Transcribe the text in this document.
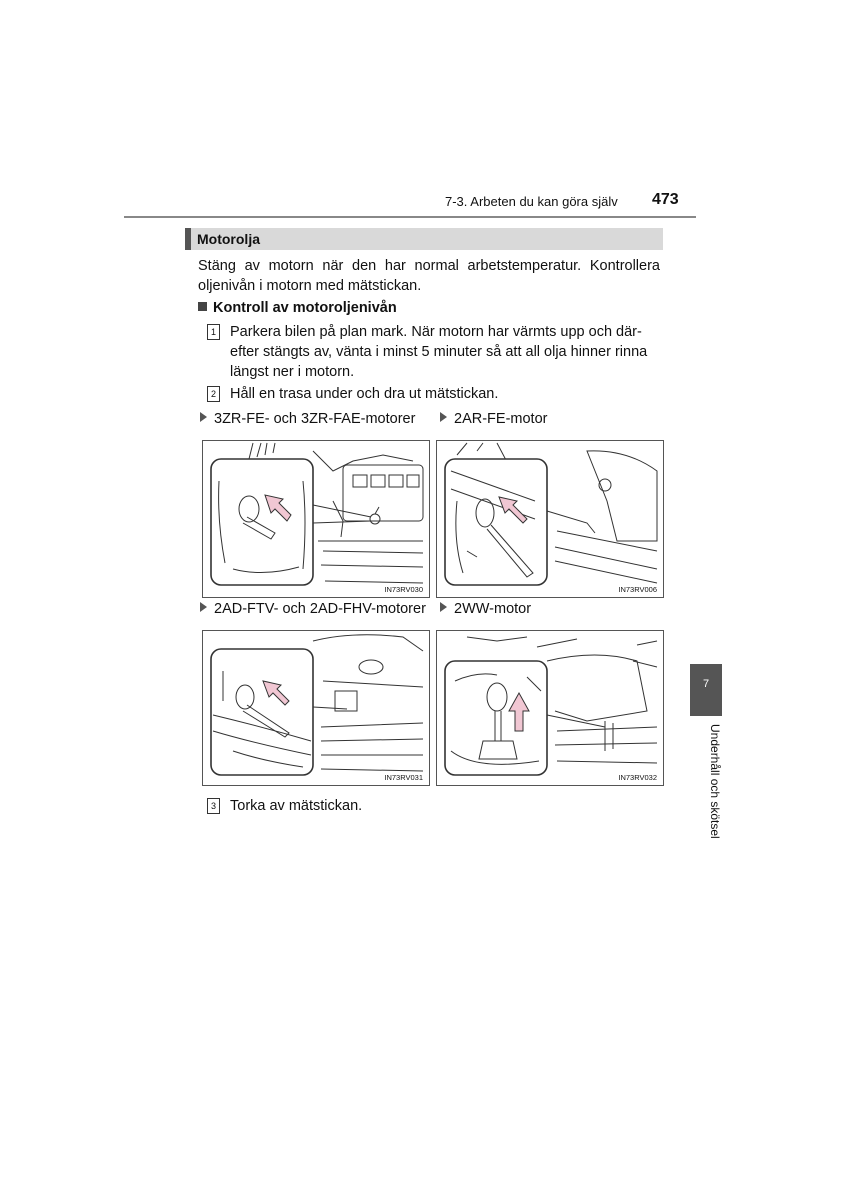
7-3. Arbeten du kan göra själv 473
Motorolja
Stäng av motorn när den har normal arbetstemperatur. Kontrollera oljenivån i motorn med mätstickan.
Kontroll av motoroljenivån
1 Parkera bilen på plan mark. När motorn har värmts upp och därefter stängts av, vänta i minst 5 minuter så att all olja hinner rinna längst ner i motorn.
2 Håll en trasa under och dra ut mätstickan.
3ZR-FE- och 3ZR-FAE-motorer	2AR-FE-motor
IN73RV030	IN73RV006
2AD-FTV- och 2AD-FHV-motorer	2WW-motor
IN73RV031	IN73RV032
3 Torka av mätstickan.
7
Underhåll och skötsel
